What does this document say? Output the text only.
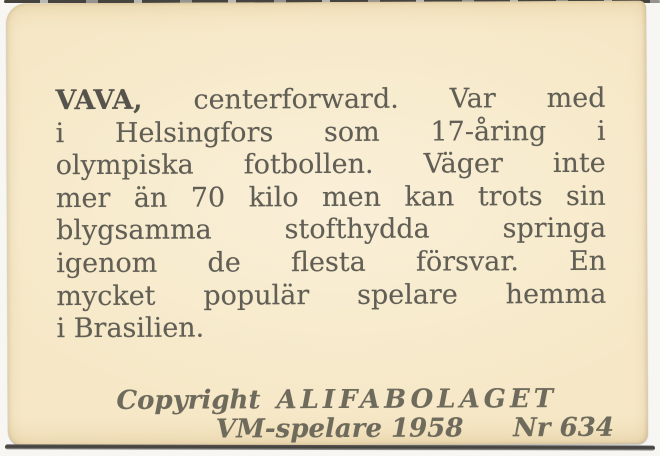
VAVA, centerforward. Var med
i Helsingfors som 17-åring i
olympiska fotbollen. Väger inte
mer än 70 kilo men kan trots sin
blygsamma stofthydda springa
igenom de flesta försvar. En
mycket populär spelare hemma
i Brasilien.
Copyright ALIFABOLAGET
VM-spelare 1958 Nr 634
